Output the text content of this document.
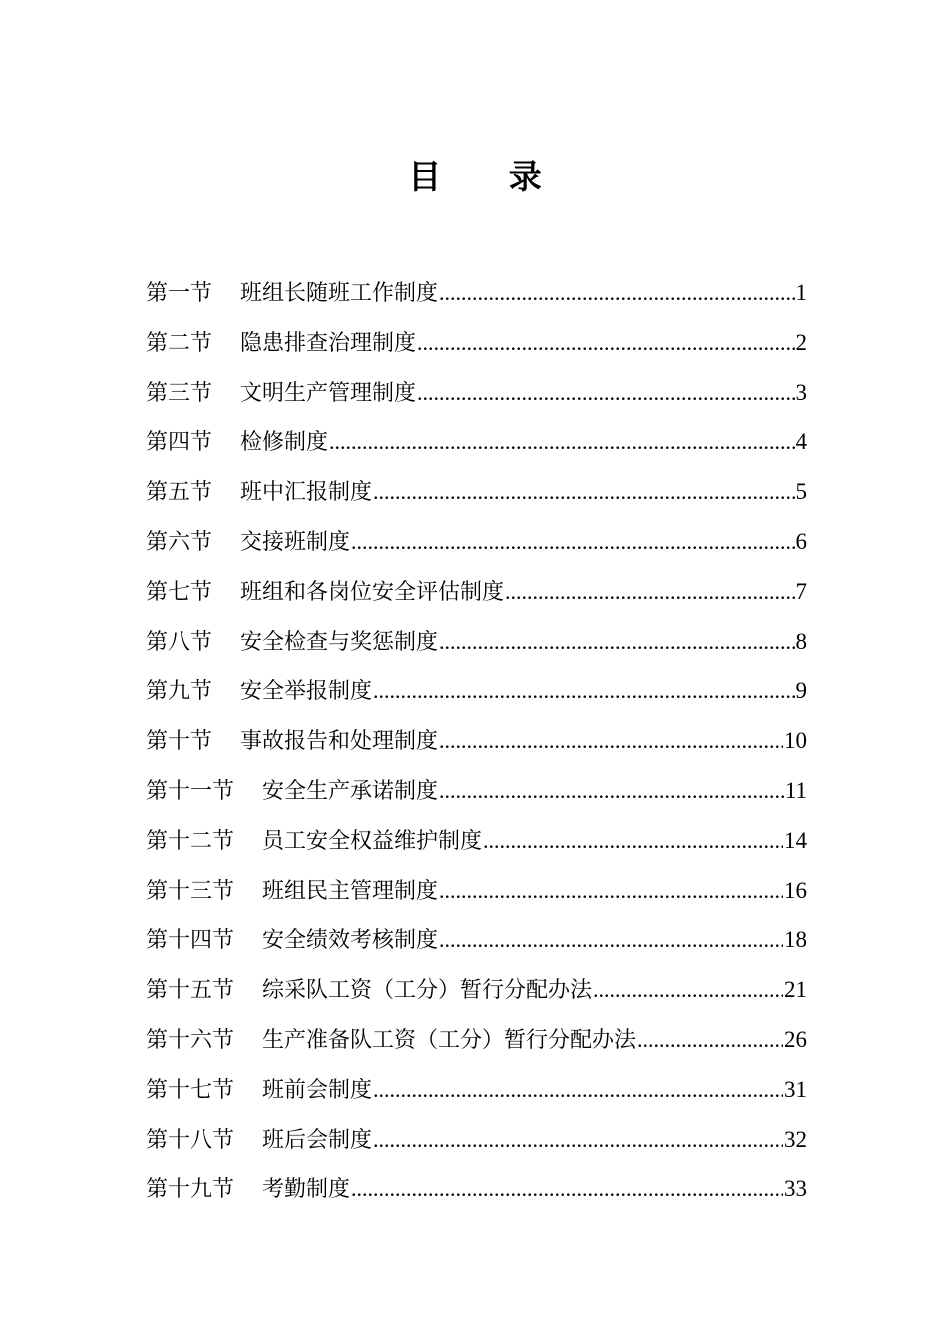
目 录
第一节 班组长随班工作制度 .....	1
第二节 隐患排查治理制度 .....	2
第三节 文明生产管理制度 .....	3
第四节 检修制度 .....	4
第五节 班中汇报制度 .....	5
第六节 交接班制度 .....	6
第七节 班组和各岗位安全评估制度 .....	7
第八节 安全检查与奖惩制度 .....	8
第九节 安全举报制度 .....	9
第十节 事故报告和处理制度 .....	10
第十一节 安全生产承诺制度 .....	11
第十二节 员工安全权益维护制度 .....	14
第十三节 班组民主管理制度 .....	16
第十四节 安全绩效考核制度 .....	18
第十五节 综采队工资（工分）暂行分配办法 .....	21
第十六节 生产准备队工资（工分）暂行分配办法 .....	26
第十七节 班前会制度 .....	31
第十八节 班后会制度 .....	32
第十九节 考勤制度 .....	33
